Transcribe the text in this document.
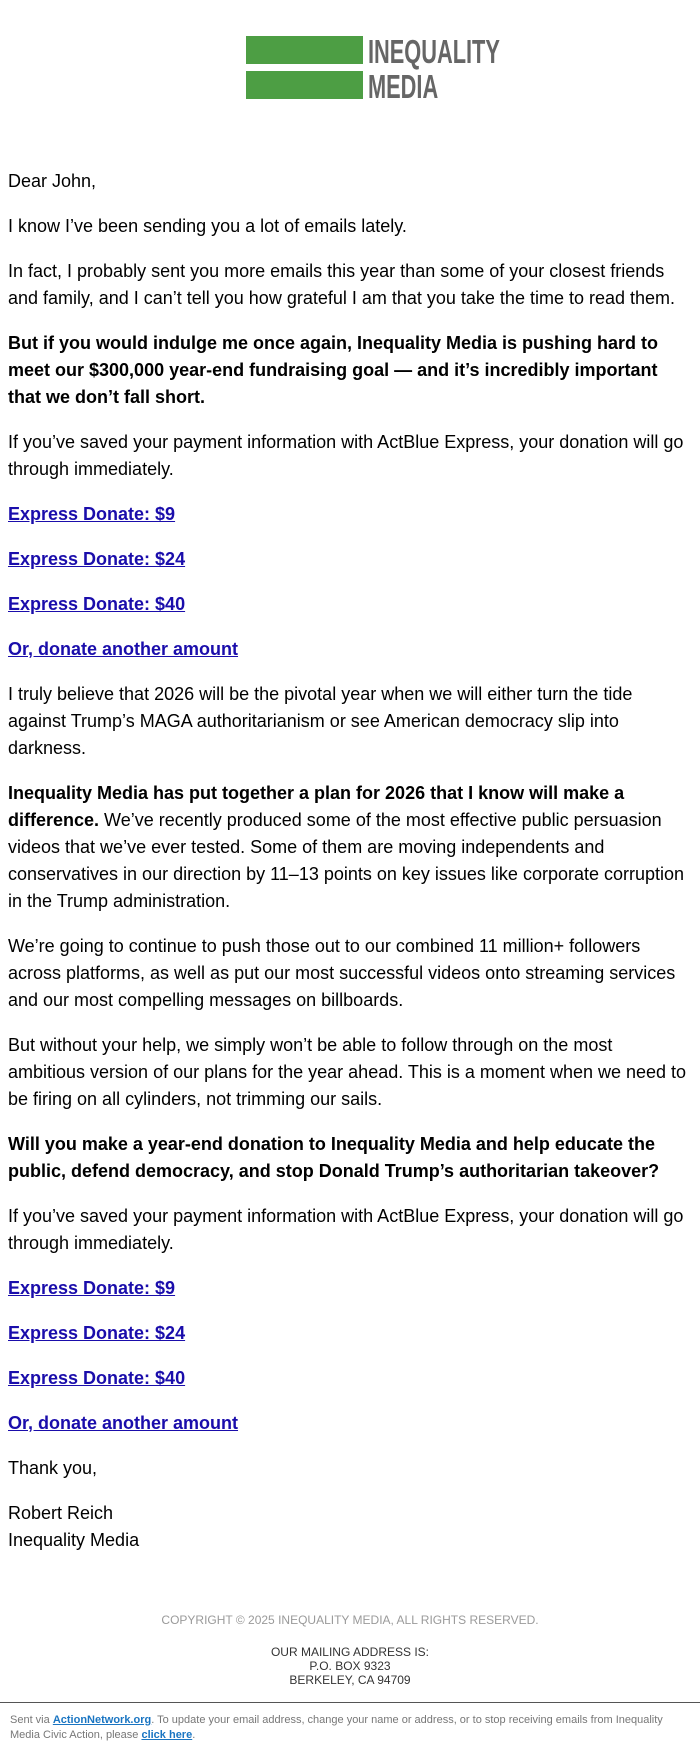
INEQUALITY
MEDIA

Dear John,

I know I’ve been sending you a lot of emails lately.

In fact, I probably sent you more emails this year than some of your closest friends and family, and I can’t tell you how grateful I am that you take the time to read them.

But if you would indulge me once again, Inequality Media is pushing hard to meet our $300,000 year-end fundraising goal — and it’s incredibly important that we don’t fall short.

If you’ve saved your payment information with ActBlue Express, your donation will go through immediately.

Express Donate: $9

Express Donate: $24

Express Donate: $40

Or, donate another amount

I truly believe that 2026 will be the pivotal year when we will either turn the tide against Trump’s MAGA authoritarianism or see American democracy slip into darkness.

Inequality Media has put together a plan for 2026 that I know will make a difference. We’ve recently produced some of the most effective public persuasion videos that we’ve ever tested. Some of them are moving independents and conservatives in our direction by 11–13 points on key issues like corporate corruption in the Trump administration.

We’re going to continue to push those out to our combined 11 million+ followers across platforms, as well as put our most successful videos onto streaming services and our most compelling messages on billboards.

But without your help, we simply won’t be able to follow through on the most ambitious version of our plans for the year ahead. This is a moment when we need to be firing on all cylinders, not trimming our sails.

Will you make a year-end donation to Inequality Media and help educate the public, defend democracy, and stop Donald Trump’s authoritarian takeover?

If you’ve saved your payment information with ActBlue Express, your donation will go through immediately.

Express Donate: $9

Express Donate: $24

Express Donate: $40

Or, donate another amount

Thank you,

Robert Reich
Inequality Media

COPYRIGHT © 2025 INEQUALITY MEDIA, ALL RIGHTS RESERVED.
OUR MAILING ADDRESS IS:
P.O. BOX 9323
BERKELEY, CA 94709
Sent via ActionNetwork.org. To update your email address, change your name or address, or to stop receiving emails from Inequality Media Civic Action, please click here.
